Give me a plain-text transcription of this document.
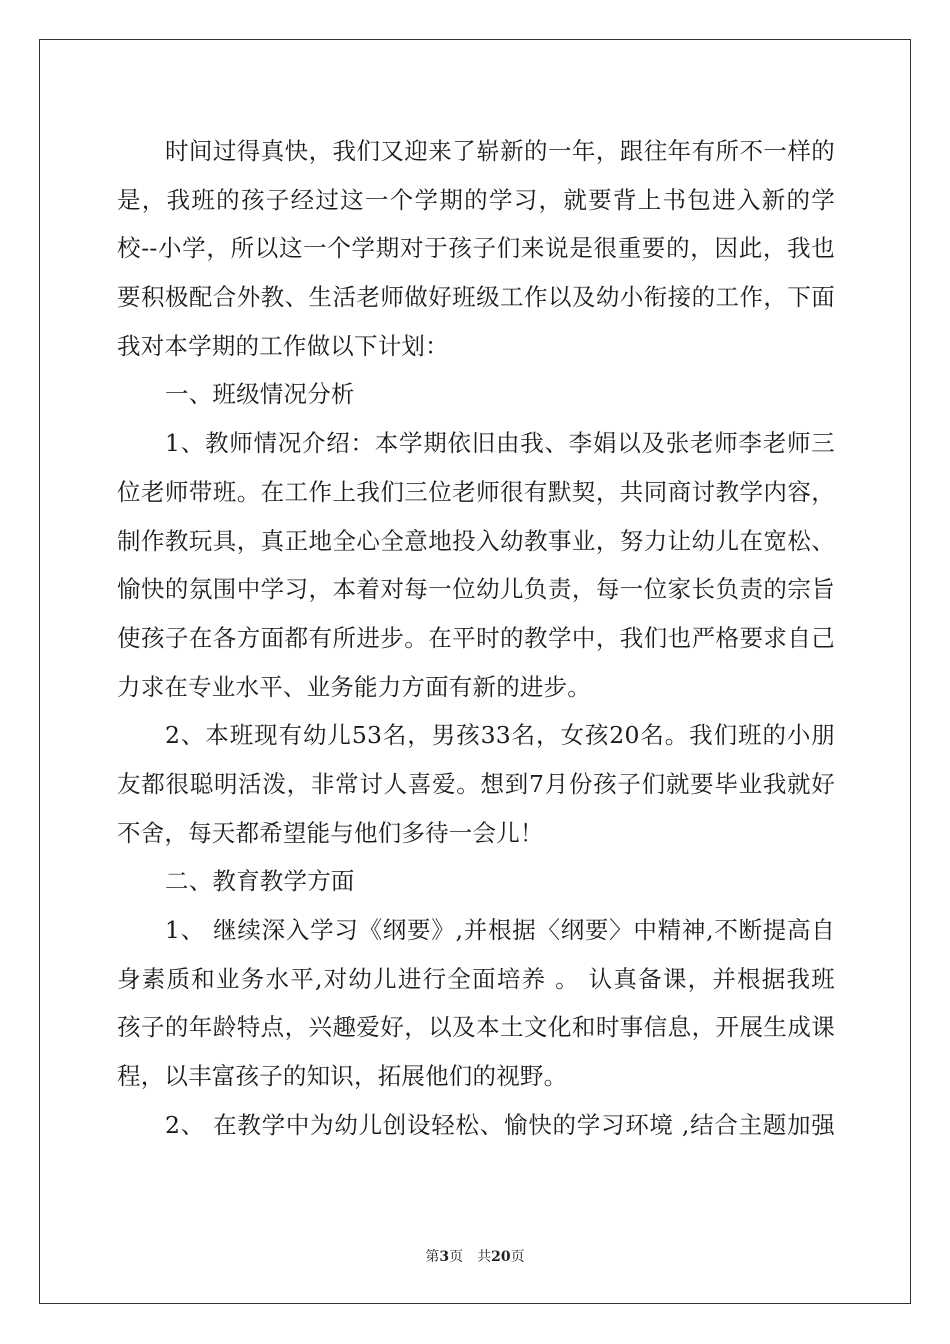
时间过得真快，我们又迎来了崭新的一年，跟往年有所不一样的
是，我班的孩子经过这一个学期的学习，就要背上书包进入新的学
校--小学，所以这一个学期对于孩子们来说是很重要的，因此，我也
要积极配合外教、生活老师做好班级工作以及幼小衔接的工作，下面
我对本学期的工作做以下计划：
一、班级情况分析
1、教师情况介绍：本学期依旧由我、李娟以及张老师李老师三
位老师带班。在工作上我们三位老师很有默契，共同商讨教学内容，
制作教玩具，真正地全心全意地投入幼教事业，努力让幼儿在宽松、
愉快的氛围中学习，本着对每一位幼儿负责，每一位家长负责的宗旨
使孩子在各方面都有所进步。在平时的教学中，我们也严格要求自己
力求在专业水平、业务能力方面有新的进步。
2、本班现有幼儿53名，男孩33名，女孩20名。我们班的小朋
友都很聪明活泼，非常讨人喜爱。想到7月份孩子们就要毕业我就好
不舍，每天都希望能与他们多待一会儿！
二、教育教学方面
1、 继续深入学习《纲要》,并根据〈纲要〉中精神,不断提高自
身素质和业务水平,对幼儿进行全面培养 。 认真备课，并根据我班
孩子的年龄特点，兴趣爱好，以及本土文化和时事信息，开展生成课
程，以丰富孩子的知识，拓展他们的视野。
2、 在教学中为幼儿创设轻松、愉快的学习环境 ,结合主题加强
第3页 共20页
